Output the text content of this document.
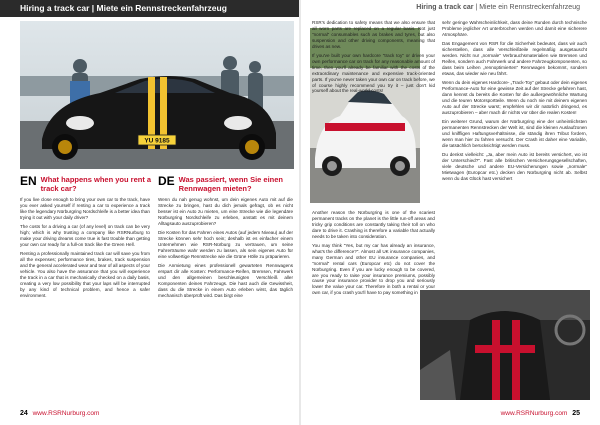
Hiring a track car | Miete ein Rennstreckenfahrzeug	Hiring a track car | Miete ein Rennstreckenfahrzeug
YU 9185
EN What happens when you rent a track car?
DE Was passiert, wenn Sie einen Rennwagen mieten?

If you live close enough to bring your own car to the track, have you ever asked yourself if renting a car to experience a track like the legendary Nürburgring Nordschleife is a better idea than trying it out with your daily driver?

The costs for a driving a car (of any level) on track can be very high; which is why trusting a company like RSRNurburg to make your driving dreams come true is fast trouble than getting your own car ready for a full-on track like the Green Hell.

Renting a professionally maintained track car will save you from all the expenses; performance tires, brakes, track suspension and the general accelerated wear and tear of all aspects of your vehicle. You also have the assurance that you will experience the track in a car that is mechanically checked on a daily basis, creating a very low possibility that your laps will be interrupted by any kind of technical problem, and hence a safer environment.

Wenn du nah genug wohnst, um dein eigenes Auto mit auf die Strecke zu bringen, hast du dich jemals gefragt, ob es nicht besser ist ein Auto zu mieten, um eine Strecke wie die legendäre Nürburgring Nordschleife zu erleben, anstatt es mit deinem Alltagsauto auszuprobieren?

Die Kosten für das Fahren eines Autos (auf jedem Niveau) auf der Strecke können sehr hoch sein; deshalb ist es einfacher einem Unternehmen wie RSR-Nürburg zu vertrauen, um seine Fahrerträume wahr werden zu lassen, als sein eigenes Auto für eine vollwertige Rennstrecke wie die Grüne Hölle zu präparieren.

Die Anmietung eines professionell gewarteten Rennwagens erspart dir alle Kosten: Performance-Reifen, Bremsen, Fahrwerk und den allgemeinen beschleunigten Verschleiß aller Komponenten deines Fahrzeugs. Die hast auch die Gewissheit, dass du die Strecke in einem Auto erleben wirst, das täglich mechanisch überprüft wird. Das birgt eine

RSR's dedication to safety means that we also ensure that all worn parts are replaced on a regular basis. Not just "normal" consumables such as brakes and tyres, but also suspension and other driving components, meaning that drives as new.

If you've built your own hardcore "track toy" or driven your own performance car on track for any reasonable amount of time, then you'll already be familiar with the costs of the extraordinary maintenance and expensive track-oriented parts. If you've never taken your own car on track before, we of course highly recommend you try it – just don't kid yourself about the real-world costs!

Another reason the Nürburgring is one of the scariest permanent tracks on the planet is the little run-off areas and tricky grip conditions are constantly taking their toll on who dare to drive it. Crashing is therefore a variable that actually needs to be taken into consideration.

You may think "Yes, but my car has already an insurance, what's the difference?". Almost all UK insurance companies, many German and other EU insurance companies, and "normal" rental cars (Europcar etc) do not cover the Nürburgring. Even if you are lucky enough to be covered, are you ready to raise your insurance premiums, possibly cause your insurance provider to drop you and seriously lower the value your car. Therefore in both a rental or your own car, if you crash you'll have to pay something in

sehr geringe Wahrscheinlichkeit, dass deine Runden durch technische Probleme jeglicher Art unterbrochen werden und damit eine sicherere Atmosphäre.

Das Engagement von RSR für die Sicherheit bedeutet, dass wir auch sicherstellen, dass alle Verschleißteile regelmäßig ausgetauscht werden. Nicht nur „normale" Verbrauchsmaterialien wie Bremsen und Reifen, sondern auch Fahrwerk und andere Fahrzeugkomponenten, so dass beim Leihen „rennoptimierten" Rennwagen bekommt, sondern etwas, das wieder wie neu fährt.

Wenn du dein eigenes Hardcore- „Track-Toy" gebaut oder dein eigenes Performance-Auto für eine gewisse Zeit auf der Strecke gefahren hast, dann kennst du bereits die Kosten für die außergewöhnliche Wartung und die teuren Motorsportteile. Wenn du noch nie mit deinem eigenen Auto auf der Strecke warst; empfehlen wir dir natürlich dringend, es auszuprobieren – aber mach dir nichts vor über die realen Kosten!

Ein weiterer Grund, warum der Nürburgring eine der unheimlichsten permanenten Rennstrecken der Welt ist, sind die kleinen Auslaufzonen und kniffligen Haftungsverhältnisse, die ständig ihren Tribut fordern, wenn man hier zu fahren versucht. Der Crash ist daher eine Variable, die tatsächlich berücksichtigt werden muss.

Du denkst vielleicht: „Ja, aber mein Auto ist bereits versichert, wo ist der Unterschied?". Fast alle britischen Versicherungsgesellschaften, viele deutsche und andere EU-Versicherungen sowie „normale" Mietwagen (Europcar etc.) decken den Nürburgring nicht ab. Selbst wenn du das Glück hast versichert

24 www.RSRNurburg.com	www.RSRNurburg.com 25
